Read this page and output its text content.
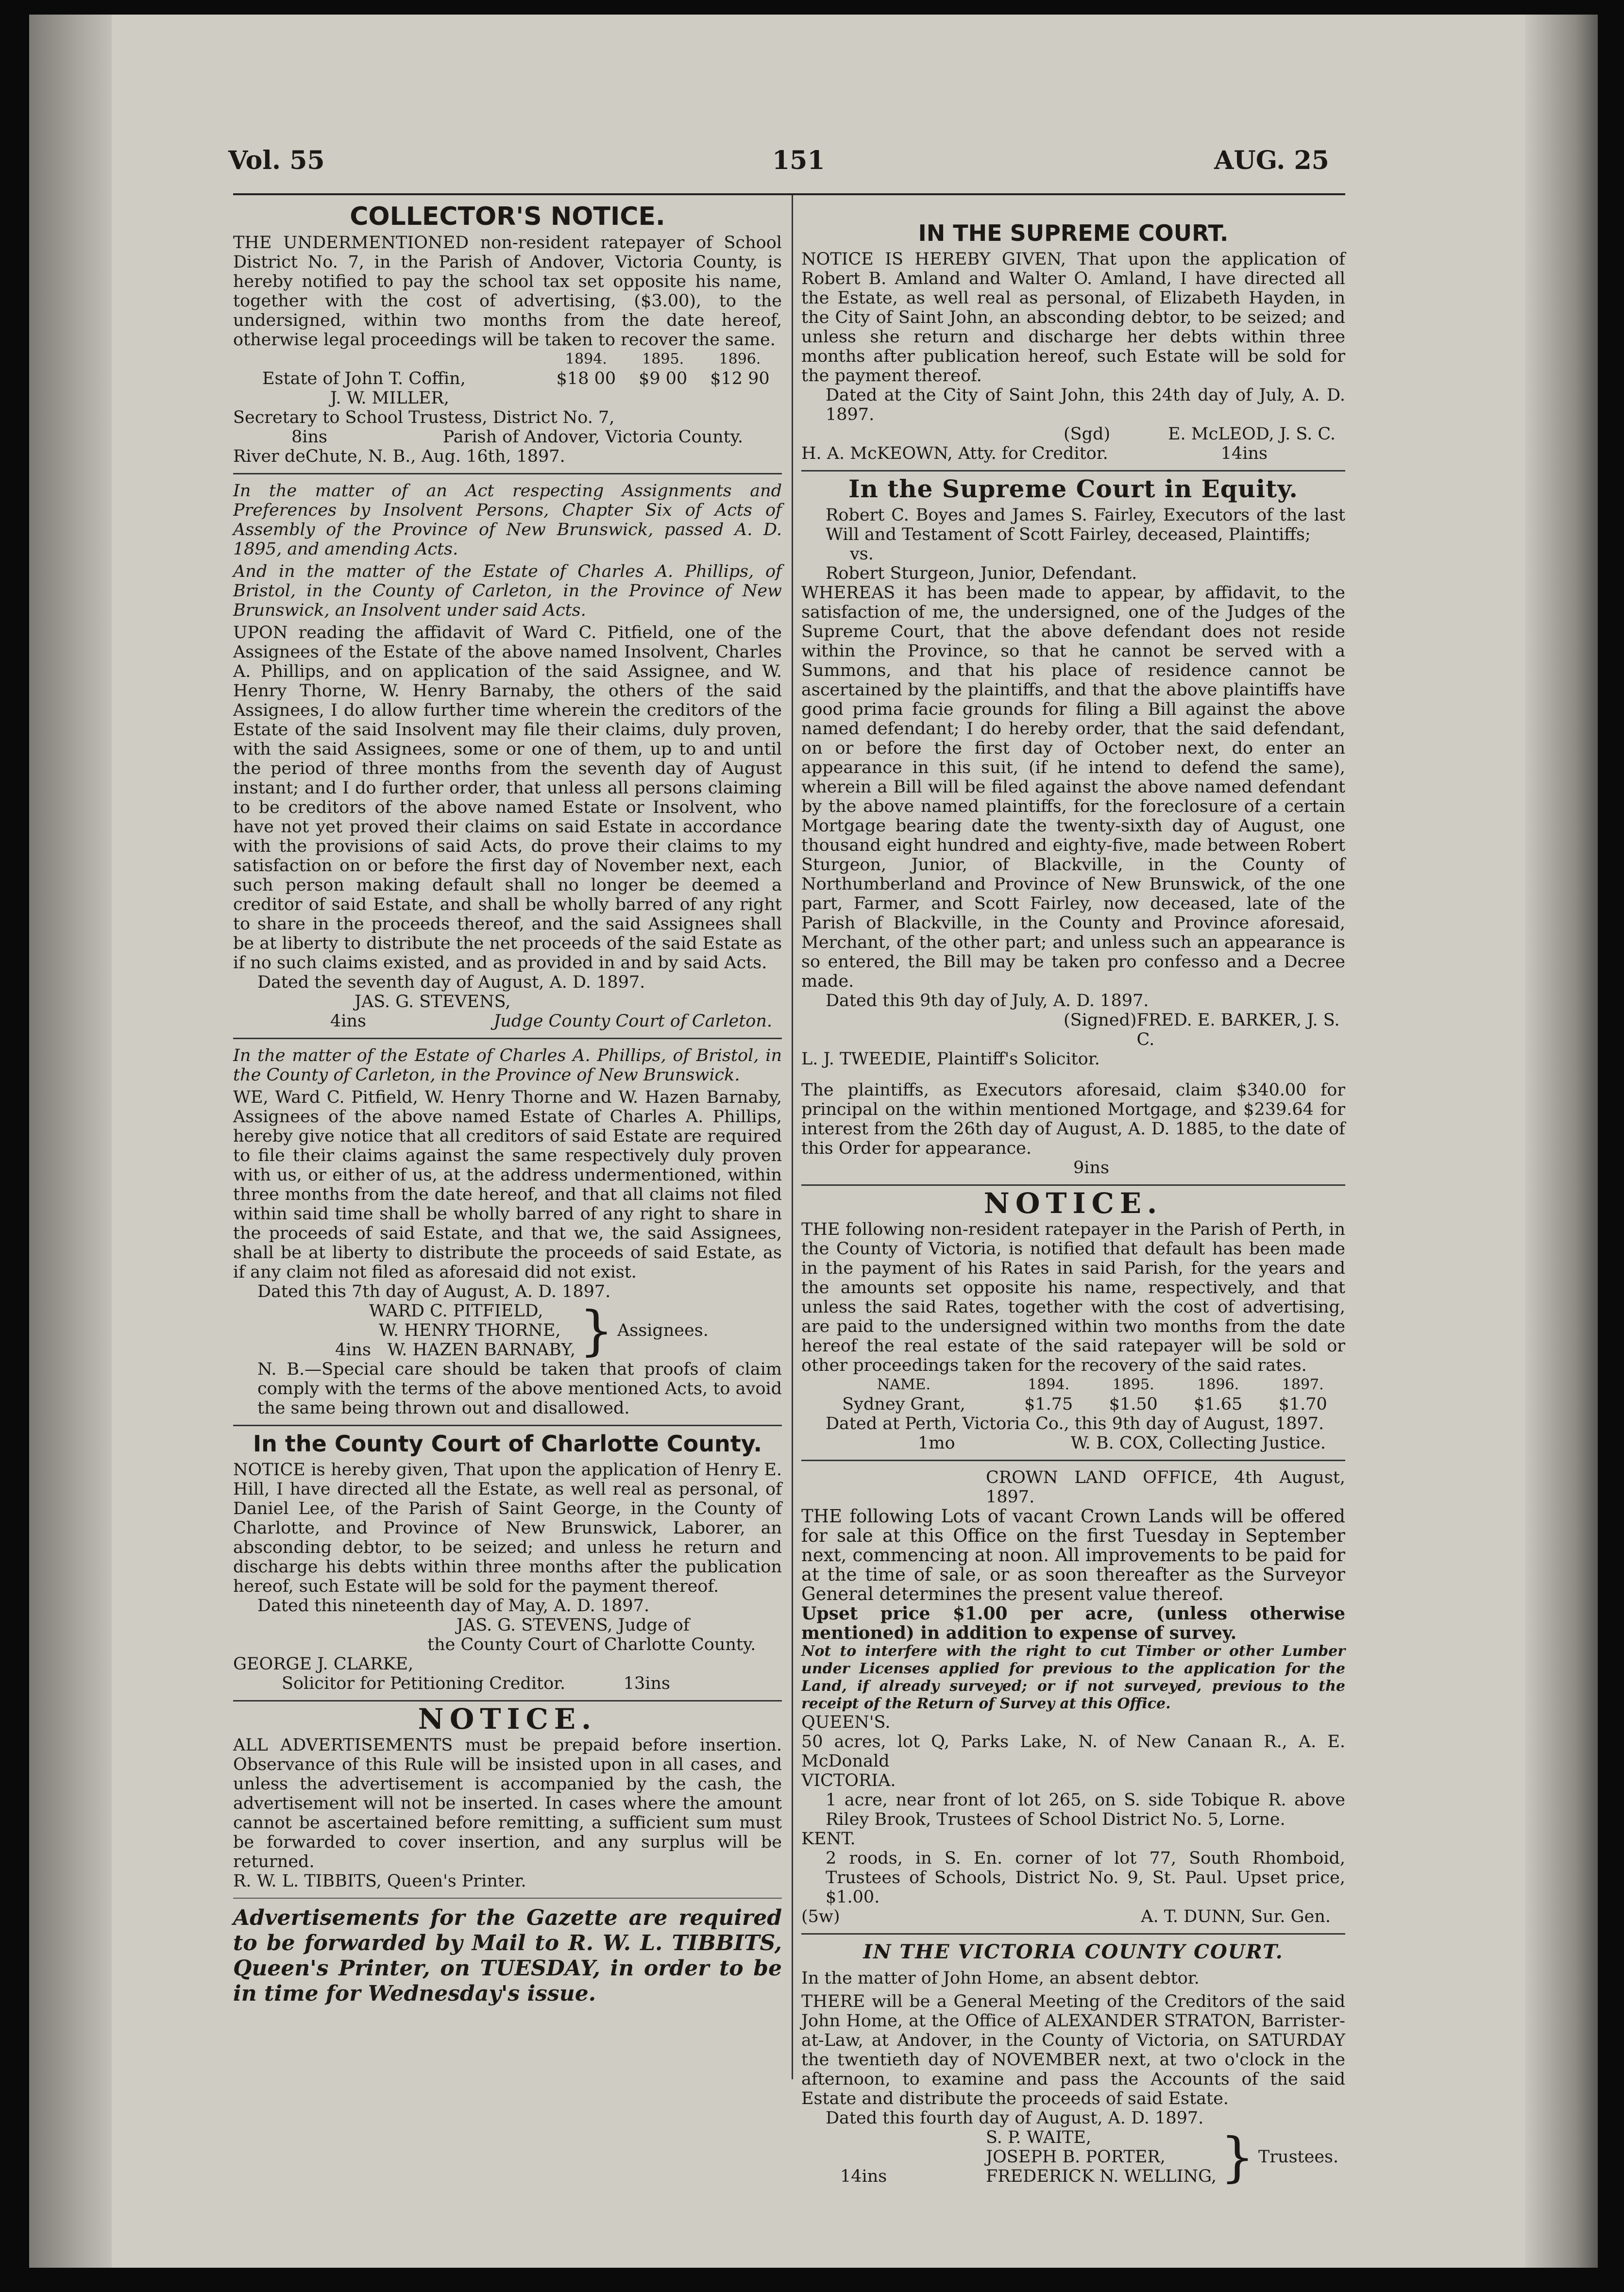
Vol. 55	151	AUG. 25
COLLECTOR'S NOTICE.

THE UNDERMENTIONED non-resident ratepayer of School District No. 7, in the Parish of Andover, Victoria County, is hereby notified to pay the school tax set opposite his name, together with the cost of advertising, ($3.00), to the undersigned, within two months from the date hereof, otherwise legal proceedings will be taken to recover the same.

	1894.	1895.	1896.
Estate of John T. Coffin,	$18 00	$9 00	$12 90

J. W. MILLER,

Secretary to School Trustess, District No. 7,

8ins	Parish of Andover, Victoria County.

River deChute, N. B., Aug. 16th, 1897.

In the matter of an Act respecting Assignments and Preferences by Insolvent Persons, Chapter Six of Acts of Assembly of the Province of New Brunswick, passed A. D. 1895, and amending Acts.

And in the matter of the Estate of Charles A. Phillips, of Bristol, in the County of Carleton, in the Province of New Brunswick, an Insolvent under said Acts.

UPON reading the affidavit of Ward C. Pitfield, one of the Assignees of the Estate of the above named Insolvent, Charles A. Phillips, and on application of the said Assignee, and W. Henry Thorne, W. Henry Barnaby, the others of the said Assignees, I do allow further time wherein the creditors of the Estate of the said Insolvent may file their claims, duly proven, with the said Assignees, some or one of them, up to and until the period of three months from the seventh day of August instant; and I do further order, that unless all persons claiming to be creditors of the above named Estate or Insolvent, who have not yet proved their claims on said Estate in accordance with the provisions of said Acts, do prove their claims to my satisfaction on or before the first day of November next, each such person making default shall no longer be deemed a creditor of said Estate, and shall be wholly barred of any right to share in the proceeds thereof, and the said Assignees shall be at liberty to distribute the net proceeds of the said Estate as if no such claims existed, and as provided in and by said Acts.

Dated the seventh day of August, A. D. 1897.

JAS. G. STEVENS,

4ins	Judge County Court of Carleton.

In the matter of the Estate of Charles A. Phillips, of Bristol, in the County of Carleton, in the Province of New Brunswick.

WE, Ward C. Pitfield, W. Henry Thorne and W. Hazen Barnaby, Assignees of the above named Estate of Charles A. Phillips, hereby give notice that all creditors of said Estate are required to file their claims against the same respectively duly proven with us, or either of us, at the address undermentioned, within three months from the date hereof, and that all claims not filed within said time shall be wholly barred of any right to share in the proceeds of said Estate, and that we, the said Assignees, shall be at liberty to distribute the proceeds of said Estate, as if any claim not filed as aforesaid did not exist.

Dated this 7th day of August, A. D. 1897.

WARD C. PITFIELD,
W. HENRY THORNE,
4ins W. HAZEN BARNABY, } Assignees.

N. B.—Special care should be taken that proofs of claim comply with the terms of the above mentioned Acts, to avoid the same being thrown out and disallowed.

In the County Court of Charlotte County.

NOTICE is hereby given, That upon the application of Henry E. Hill, I have directed all the Estate, as well real as personal, of Daniel Lee, of the Parish of Saint George, in the County of Charlotte, and Province of New Brunswick, Laborer, an absconding debtor, to be seized; and unless he return and discharge his debts within three months after the publication hereof, such Estate will be sold for the payment thereof.

Dated this nineteenth day of May, A. D. 1897.

JAS. G. STEVENS, Judge of

the County Court of Charlotte County.

GEORGE J. CLARKE,

Solicitor for Petitioning Creditor.	13ins
NOTICE.

ALL ADVERTISEMENTS must be prepaid before insertion. Observance of this Rule will be insisted upon in all cases, and unless the advertisement is accompanied by the cash, the advertisement will not be inserted. In cases where the amount cannot be ascertained before remitting, a sufficient sum must be forwarded to cover insertion, and any surplus will be returned.

R. W. L. TIBBITS, Queen's Printer.

Advertisements for the Gazette are required to be forwarded by Mail to R. W. L. TIBBITS, Queen's Printer, on TUESDAY, in order to be in time for Wednesday's issue.

IN THE SUPREME COURT.

NOTICE IS HEREBY GIVEN, That upon the application of Robert B. Amland and Walter O. Amland, I have directed all the Estate, as well real as personal, of Elizabeth Hayden, in the City of Saint John, an absconding debtor, to be seized; and unless she return and discharge her debts within three months after publication hereof, such Estate will be sold for the payment thereof.

Dated at the City of Saint John, this 24th day of July, A. D. 1897.

(Sgd)	E. McLEOD, J. S. C.
H. A. McKEOWN, Atty. for Creditor.	14ins
In the Supreme Court in Equity.

Robert C. Boyes and James S. Fairley, Executors of the last Will and Testament of Scott Fairley, deceased, Plaintiffs;

vs.

Robert Sturgeon, Junior, Defendant.

WHEREAS it has been made to appear, by affidavit, to the satisfaction of me, the undersigned, one of the Judges of the Supreme Court, that the above defendant does not reside within the Province, so that he cannot be served with a Summons, and that his place of residence cannot be ascertained by the plaintiffs, and that the above plaintiffs have good prima facie grounds for filing a Bill against the above named defendant; I do hereby order, that the said defendant, on or before the first day of October next, do enter an appearance in this suit, (if he intend to defend the same), wherein a Bill will be filed against the above named defendant by the above named plaintiffs, for the foreclosure of a certain Mortgage bearing date the twenty-sixth day of August, one thousand eight hundred and eighty-five, made between Robert Sturgeon, Junior, of Blackville, in the County of Northumberland and Province of New Brunswick, of the one part, Farmer, and Scott Fairley, now deceased, late of the Parish of Blackville, in the County and Province aforesaid, Merchant, of the other part; and unless such an appearance is so entered, the Bill may be taken pro confesso and a Decree made.

Dated this 9th day of July, A. D. 1897.

(Signed) FRED. E. BARKER, J. S. C.

L. J. TWEEDIE, Plaintiff's Solicitor.

The plaintiffs, as Executors aforesaid, claim $340.00 for principal on the within mentioned Mortgage, and $239.64 for interest from the 26th day of August, A. D. 1885, to the date of this Order for appearance.

9ins

NOTICE.

THE following non-resident ratepayer in the Parish of Perth, in the County of Victoria, is notified that default has been made in the payment of his Rates in said Parish, for the years and the amounts set opposite his name, respectively, and that unless the said Rates, together with the cost of advertising, are paid to the undersigned within two months from the date hereof the real estate of the said ratepayer will be sold or other proceedings taken for the recovery of the said rates.

NAME.	1894.	1895.	1896.	1897.
Sydney Grant,	$1.75	$1.50	$1.65	$1.70

Dated at Perth, Victoria Co., this 9th day of August, 1897.

1mo	W. B. COX, Collecting Justice.

CROWN LAND OFFICE, 4th August, 1897.

THE following Lots of vacant Crown Lands will be offered for sale at this Office on the first Tuesday in September next, commencing at noon. All improvements to be paid for at the time of sale, or as soon thereafter as the Surveyor General determines the present value thereof.

Upset price $1.00 per acre, (unless otherwise mentioned) in addition to expense of survey.

Not to interfere with the right to cut Timber or other Lumber under Licenses applied for previous to the application for the Land, if already surveyed; or if not surveyed, previous to the receipt of the Return of Survey at this Office.

QUEEN'S.

50 acres, lot Q, Parks Lake, N. of New Canaan R., A. E. McDonald

VICTORIA.

1 acre, near front of lot 265, on S. side Tobique R. above Riley Brook, Trustees of School District No. 5, Lorne.

KENT.

2 roods, in S. En. corner of lot 77, South Rhomboid, Trustees of Schools, District No. 9, St. Paul. Upset price, $1.00.

(5w)	A. T. DUNN, Sur. Gen.
IN THE VICTORIA COUNTY COURT.

In the matter of John Home, an absent debtor.

THERE will be a General Meeting of the Creditors of the said John Home, at the Office of ALEXANDER STRATON, Barrister-at-Law, at Andover, in the County of Victoria, on SATURDAY the twentieth day of NOVEMBER next, at two o'clock in the afternoon, to examine and pass the Accounts of the said Estate and distribute the proceeds of said Estate.

Dated this fourth day of August, A. D. 1897.

14ins
S. P. WAITE,
JOSEPH B. PORTER,
FREDERICK N. WELLING, } Trustees.
